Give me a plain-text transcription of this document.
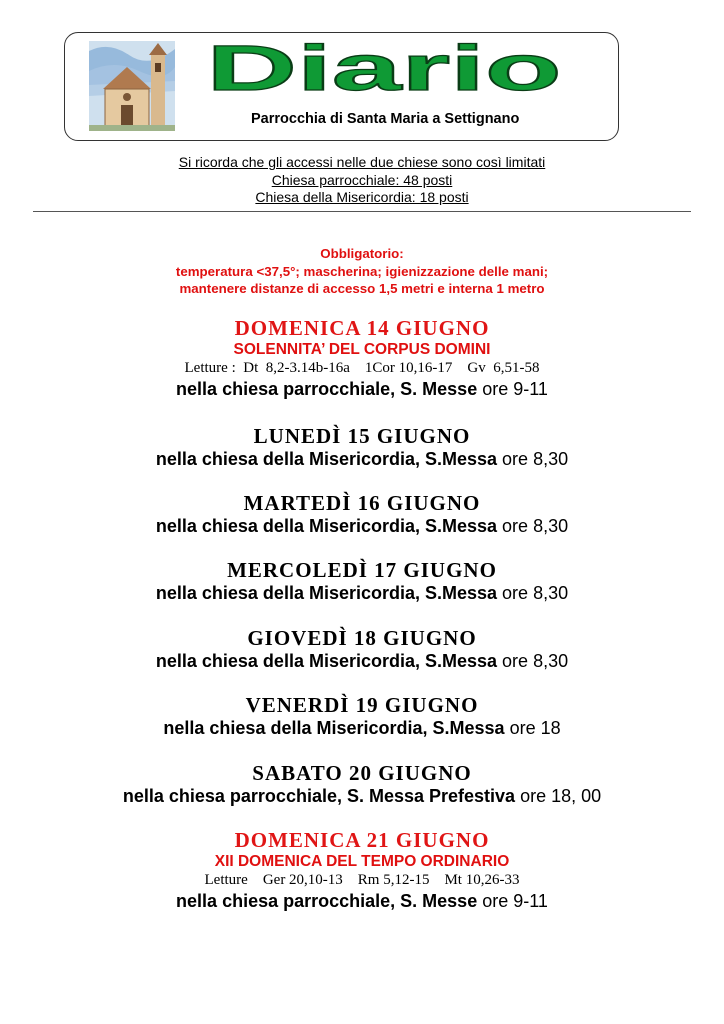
Diario
Parrocchia di Santa Maria a Settignano
Si ricorda che gli accessi nelle due chiese sono così limitati
Chiesa parrocchiale: 48 posti
Chiesa della Misericordia: 18 posti
Obbligatorio:
temperatura <37,5°; mascherina; igienizzazione delle mani;
mantenere distanze di accesso 1,5 metri e interna 1 metro
DOMENICA 14 GIUGNO
SOLENNITA’ DEL CORPUS DOMINI
Letture :  Dt  8,2-3.14b-16a    1Cor 10,16-17    Gv  6,51-58
nella chiesa parrocchiale, S. Messe ore 9-11
LUNEDÌ 15 GIUGNO
nella chiesa della Misericordia, S.Messa ore 8,30
MARTEDÌ 16 GIUGNO
nella chiesa della Misericordia, S.Messa ore 8,30
MERCOLEDÌ 17 GIUGNO
nella chiesa della Misericordia, S.Messa ore 8,30
GIOVEDÌ 18 GIUGNO
nella chiesa della Misericordia, S.Messa ore 8,30
VENERDÌ 19 GIUGNO
nella chiesa della Misericordia, S.Messa ore 18
SABATO 20 GIUGNO
nella chiesa parrocchiale, S. Messa Prefestiva ore 18, 00
DOMENICA 21 GIUGNO
XII DOMENICA DEL TEMPO ORDINARIO
Letture    Ger 20,10-13    Rm 5,12-15    Mt 10,26-33
nella chiesa parrocchiale, S. Messe ore 9-11
